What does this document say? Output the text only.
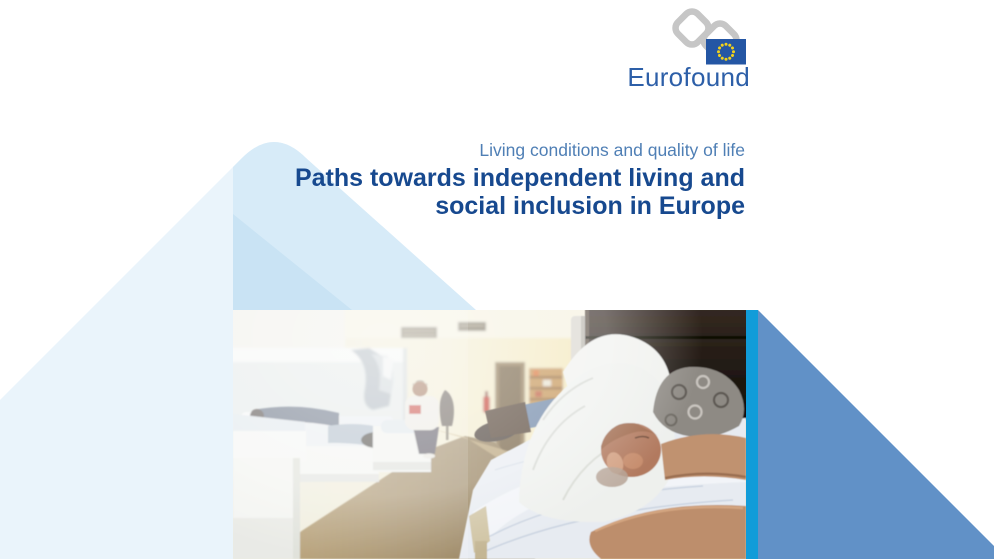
Eurofound
Living conditions and quality of life
Paths towards independent living and
social inclusion in Europe
